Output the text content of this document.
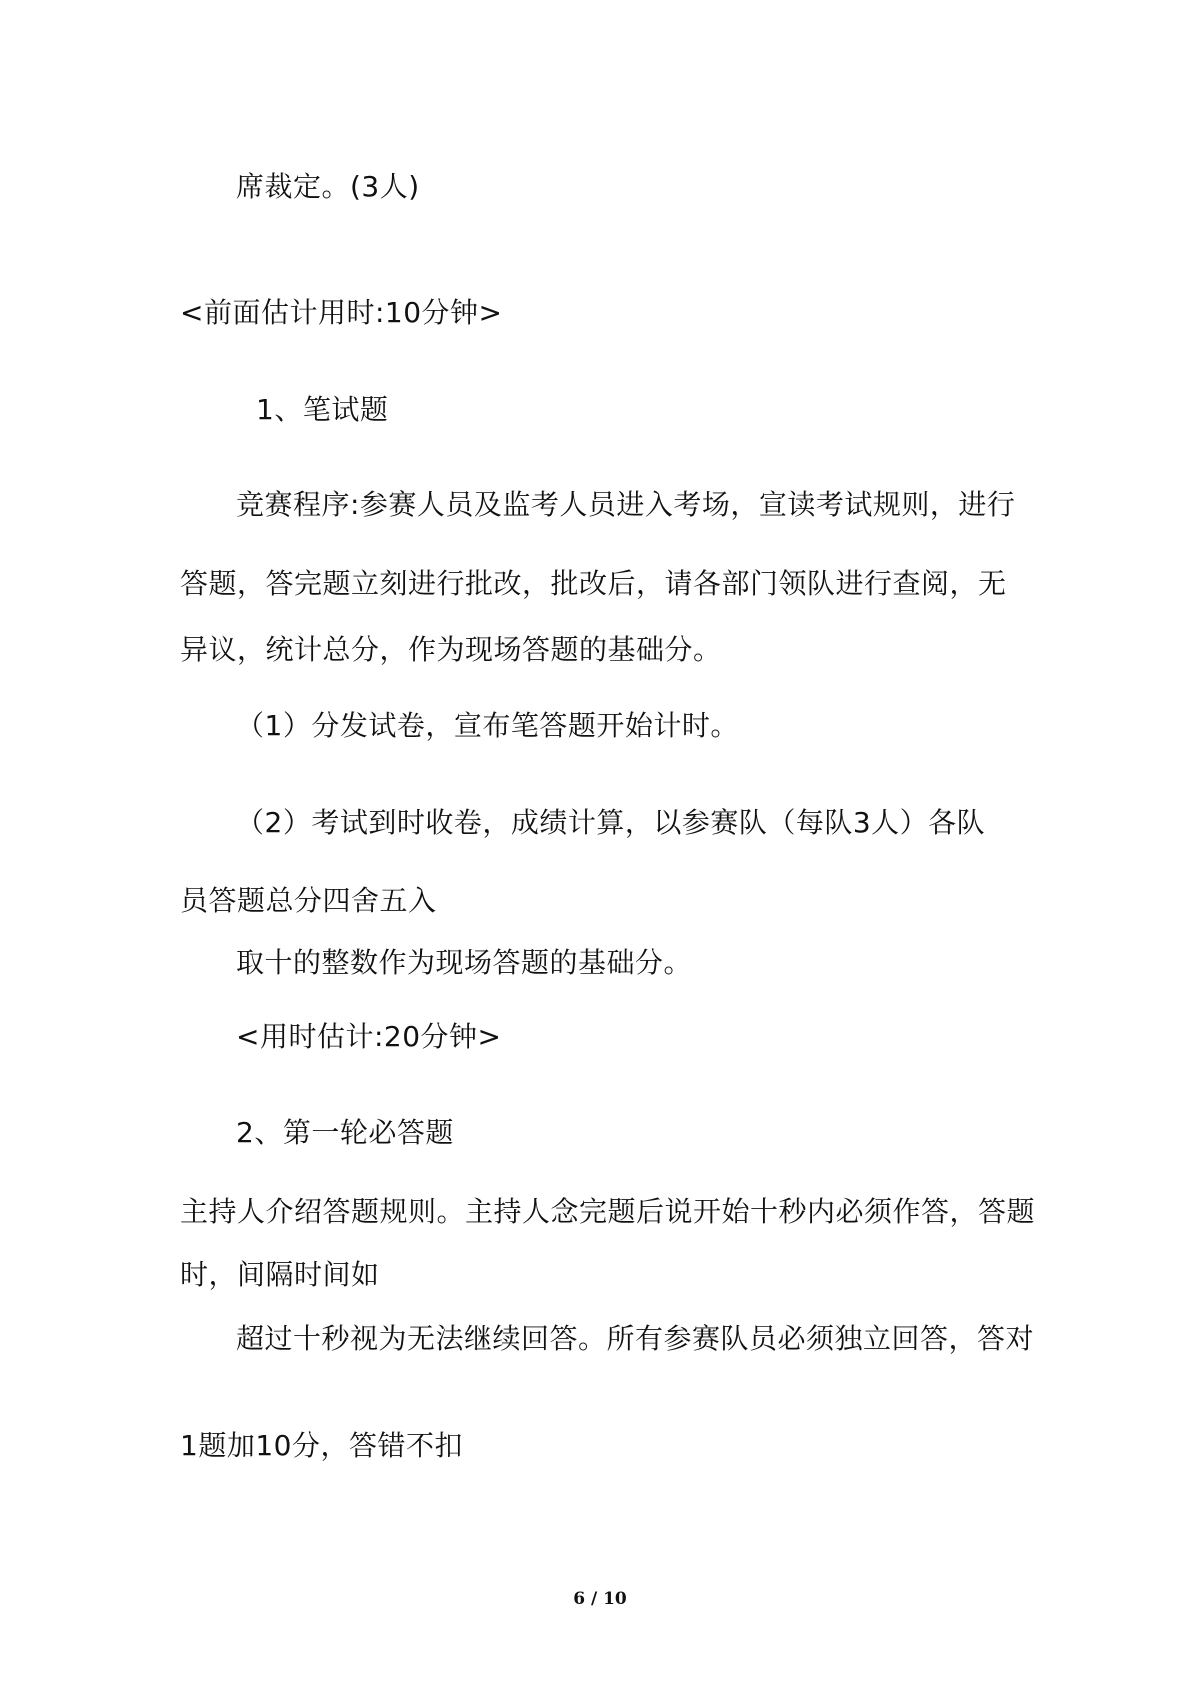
席裁定。(3人)
<前面估计用时:10分钟>
1、笔试题
竞赛程序:参赛人员及监考人员进入考场，宣读考试规则，进行
答题，答完题立刻进行批改，批改后，请各部门领队进行查阅，无
异议，统计总分，作为现场答题的基础分。
（1）分发试卷，宣布笔答题开始计时。
（2）考试到时收卷，成绩计算，以参赛队（每队3人）各队
员答题总分四舍五入
取十的整数作为现场答题的基础分。
<用时估计:20分钟>
2、第一轮必答题
主持人介绍答题规则。主持人念完题后说开始十秒内必须作答，答题
时，间隔时间如
超过十秒视为无法继续回答。所有参赛队员必须独立回答，答对
1题加10分，答错不扣
6 / 10
